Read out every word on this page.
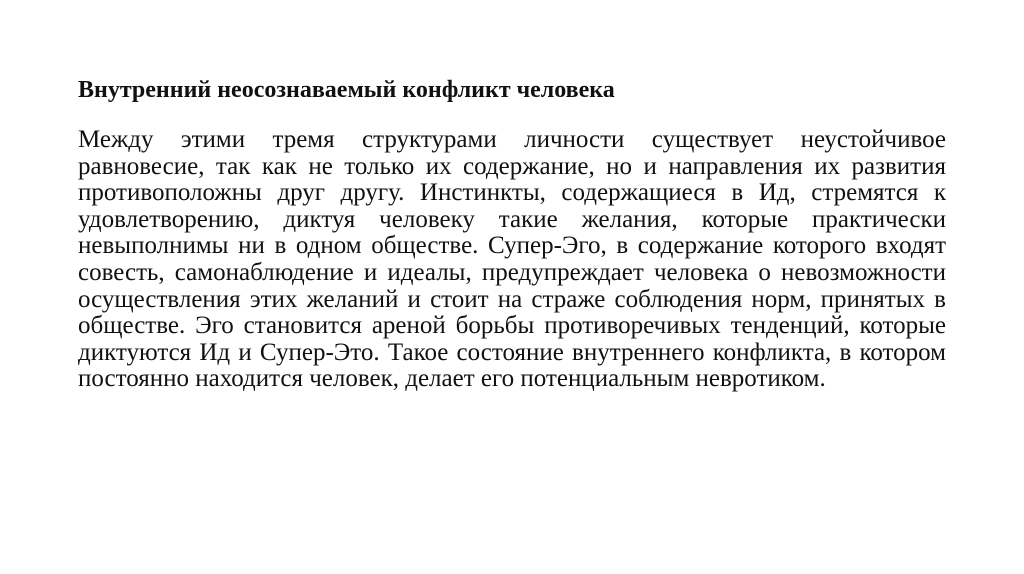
Внутренний неосознаваемый конфликт человека

Между этими тремя структурами личности существует неустойчивое равновесие, так как не только их содержание, но и направления их развития противоположны друг другу. Инстинкты, содержащиеся в Ид, стремятся к удовлетворению, диктуя человеку такие желания, которые практически невыполнимы ни в одном обществе. Супер-Эго, в содержание которого входят совесть, самонаблюдение и идеалы, предупреждает человека о невозможности осуществления этих желаний и стоит на страже соблюдения норм, принятых в обществе. Эго становится ареной борьбы противоречивых тенденций, которые диктуются Ид и Супер-Это. Такое состояние внутреннего конфликта, в котором постоянно находится человек, делает его потенциальным невротиком.
